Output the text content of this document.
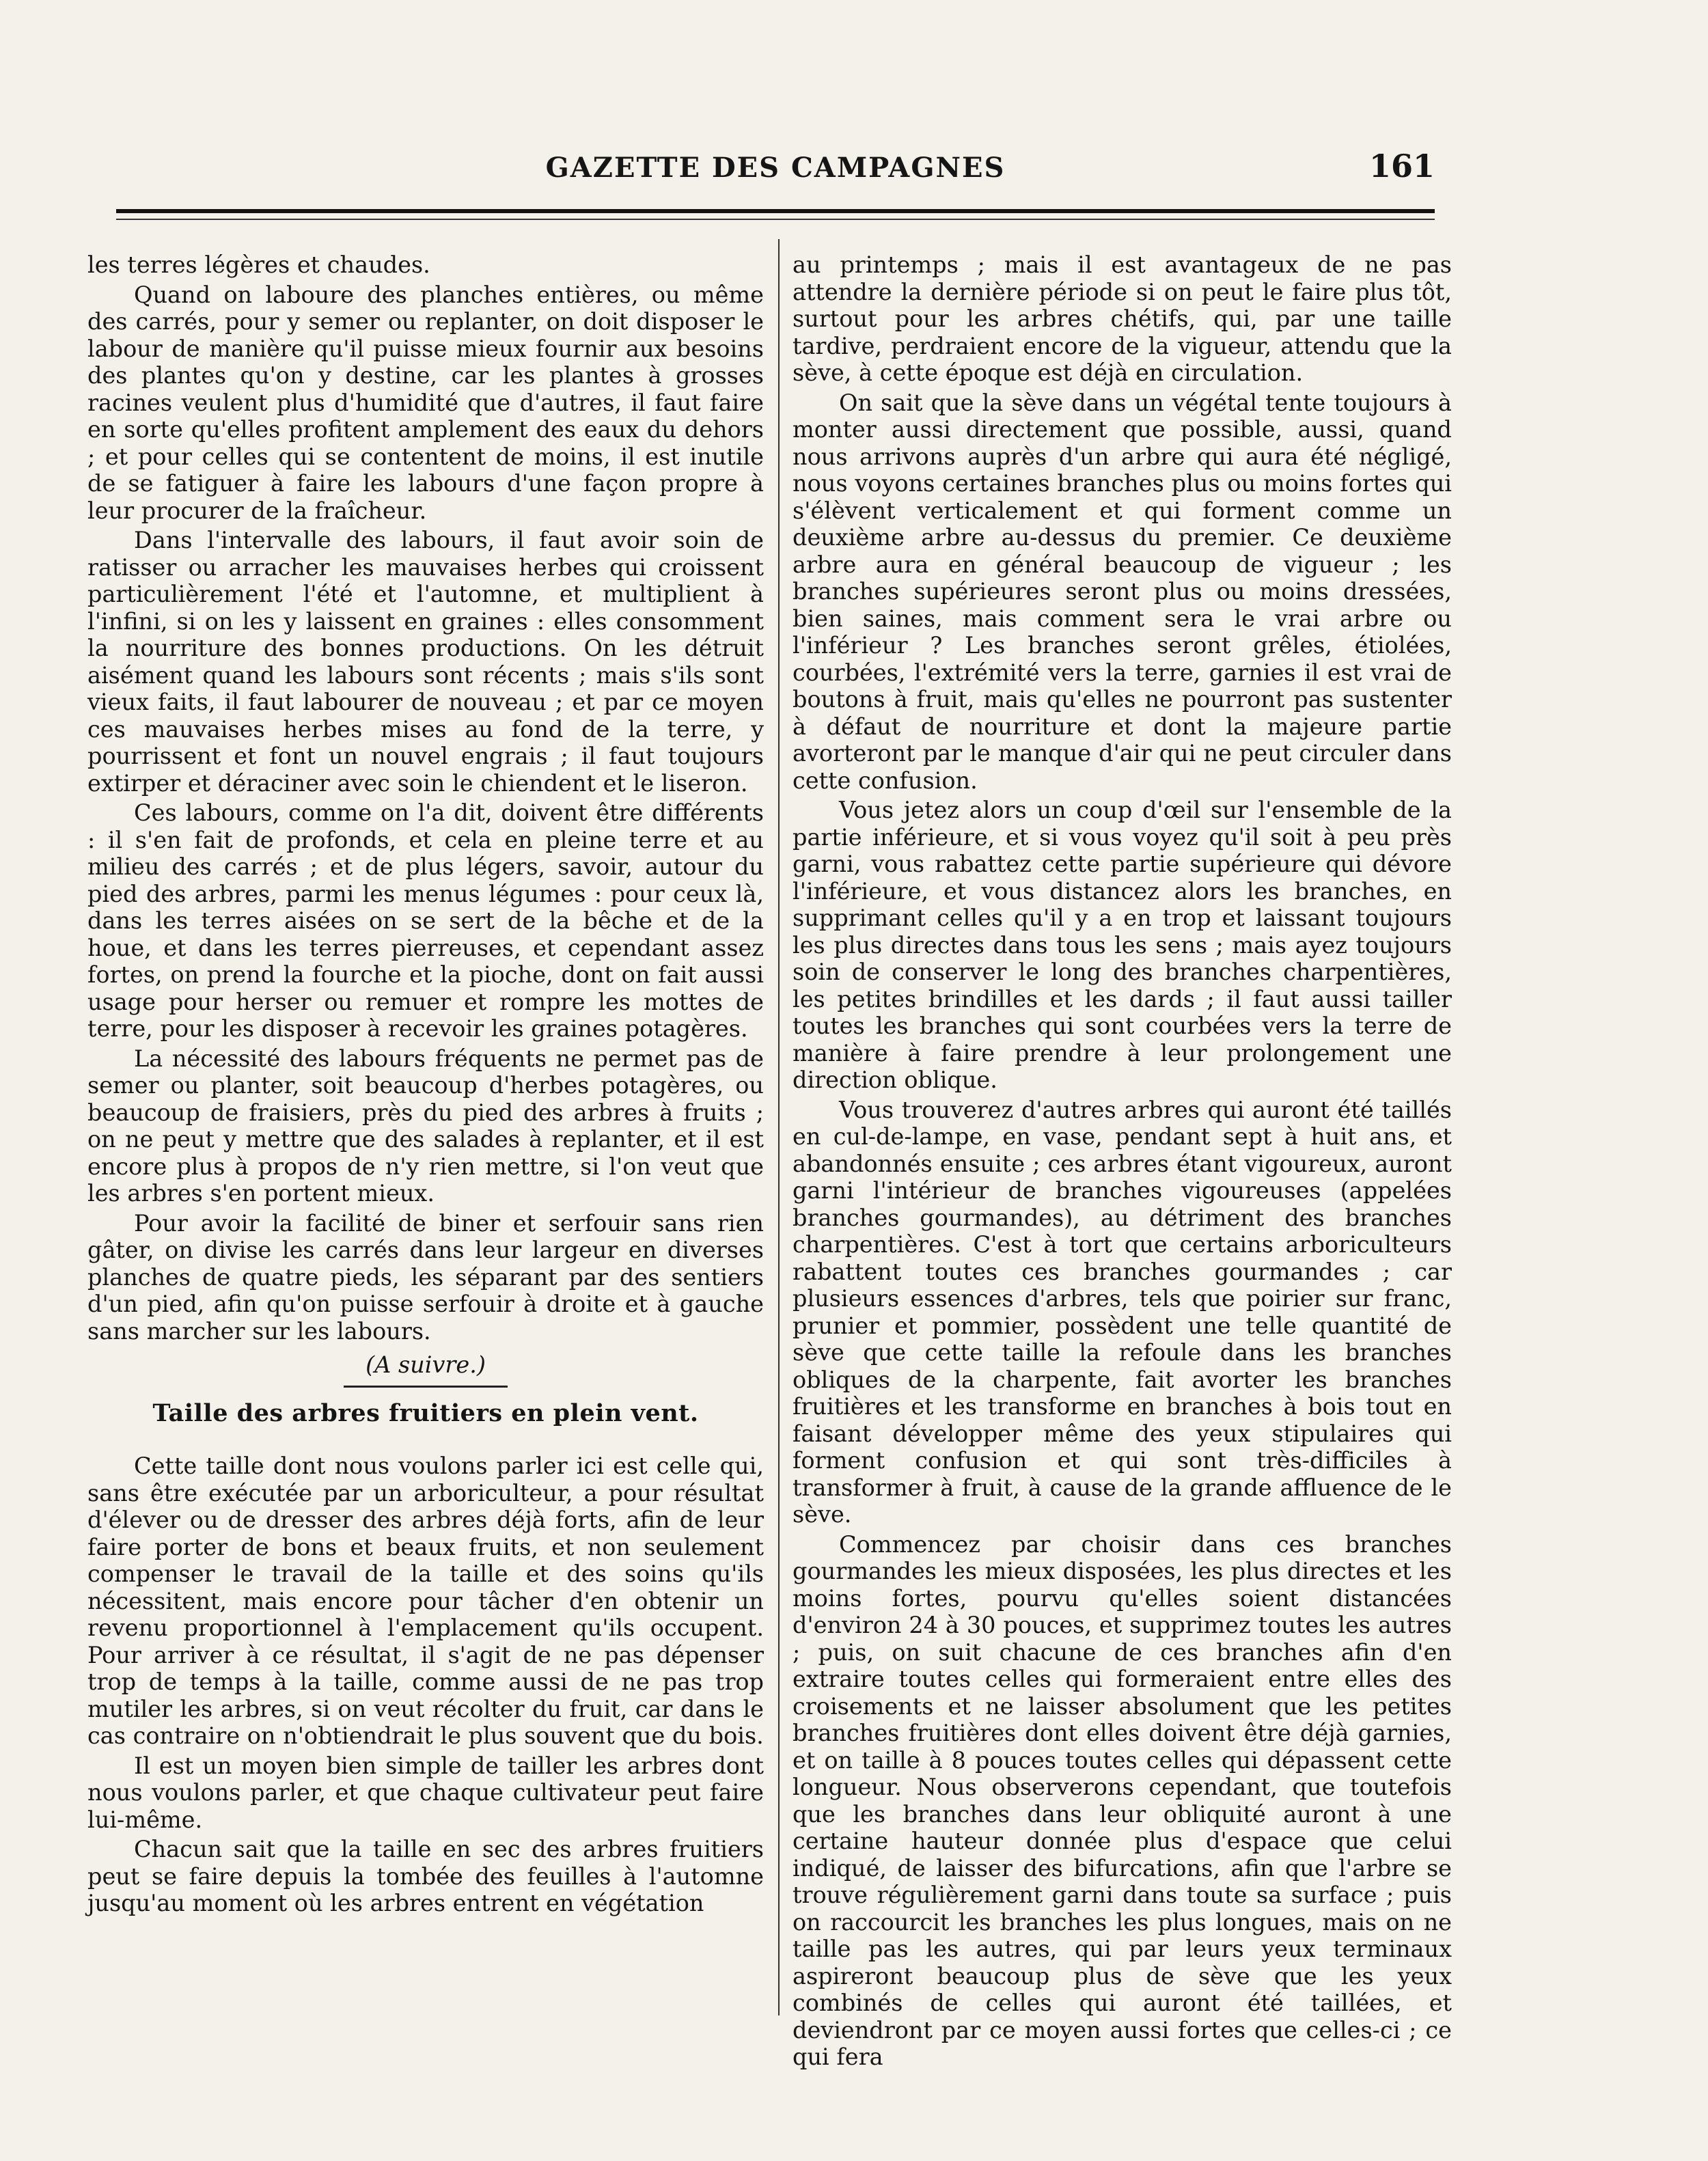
GAZETTE DES CAMPAGNES	161

les terres légères et chaudes.

Quand on laboure des planches entières, ou même des carrés, pour y semer ou replanter, on doit disposer le labour de manière qu'il puisse mieux fournir aux besoins des plantes qu'on y destine, car les plantes à grosses racines veulent plus d'humidité que d'autres, il faut faire en sorte qu'elles profitent amplement des eaux du dehors ; et pour celles qui se contentent de moins, il est inutile de se fatiguer à faire les labours d'une façon propre à leur procurer de la fraîcheur.

Dans l'intervalle des labours, il faut avoir soin de ratisser ou arracher les mauvaises herbes qui croissent particulièrement l'été et l'automne, et multiplient à l'infini, si on les y laissent en graines : elles consomment la nourriture des bonnes productions. On les détruit aisément quand les labours sont récents ; mais s'ils sont vieux faits, il faut labourer de nouveau ; et par ce moyen ces mauvaises herbes mises au fond de la terre, y pourrissent et font un nouvel engrais ; il faut toujours extirper et déraciner avec soin le chiendent et le liseron.

Ces labours, comme on l'a dit, doivent être différents : il s'en fait de profonds, et cela en pleine terre et au milieu des carrés ; et de plus légers, savoir, autour du pied des arbres, parmi les menus légumes : pour ceux là, dans les terres aisées on se sert de la bêche et de la houe, et dans les terres pierreuses, et cependant assez fortes, on prend la fourche et la pioche, dont on fait aussi usage pour herser ou remuer et rompre les mottes de terre, pour les disposer à recevoir les graines potagères.

La nécessité des labours fréquents ne permet pas de semer ou planter, soit beaucoup d'herbes potagères, ou beaucoup de fraisiers, près du pied des arbres à fruits ; on ne peut y mettre que des salades à replanter, et il est encore plus à propos de n'y rien mettre, si l'on veut que les arbres s'en portent mieux.

Pour avoir la facilité de biner et serfouir sans rien gâter, on divise les carrés dans leur largeur en diverses planches de quatre pieds, les séparant par des sentiers d'un pied, afin qu'on puisse serfouir à droite et à gauche sans marcher sur les labours.

(A suivre.)
Taille des arbres fruitiers en plein vent.

Cette taille dont nous voulons parler ici est celle qui, sans être exécutée par un arboriculteur, a pour résultat d'élever ou de dresser des arbres déjà forts, afin de leur faire porter de bons et beaux fruits, et non seulement compenser le travail de la taille et des soins qu'ils nécessitent, mais encore pour tâcher d'en obtenir un revenu proportionnel à l'emplacement qu'ils occupent. Pour arriver à ce résultat, il s'agit de ne pas dépenser trop de temps à la taille, comme aussi de ne pas trop mutiler les arbres, si on veut récolter du fruit, car dans le cas contraire on n'obtiendrait le plus souvent que du bois.

Il est un moyen bien simple de tailler les arbres dont nous voulons parler, et que chaque cultivateur peut faire lui-même.

Chacun sait que la taille en sec des arbres fruitiers peut se faire depuis la tombée des feuilles à l'automne jusqu'au moment où les arbres entrent en végétation

au printemps ; mais il est avantageux de ne pas attendre la dernière période si on peut le faire plus tôt, surtout pour les arbres chétifs, qui, par une taille tardive, perdraient encore de la vigueur, attendu que la sève, à cette époque est déjà en circulation.

On sait que la sève dans un végétal tente toujours à monter aussi directement que possible, aussi, quand nous arrivons auprès d'un arbre qui aura été négligé, nous voyons certaines branches plus ou moins fortes qui s'élèvent verticalement et qui forment comme un deuxième arbre au-dessus du premier. Ce deuxième arbre aura en général beaucoup de vigueur ; les branches supérieures seront plus ou moins dressées, bien saines, mais comment sera le vrai arbre ou l'inférieur ? Les branches seront grêles, étiolées, courbées, l'extrémité vers la terre, garnies il est vrai de boutons à fruit, mais qu'elles ne pourront pas sustenter à défaut de nourriture et dont la majeure partie avorteront par le manque d'air qui ne peut circuler dans cette confusion.

Vous jetez alors un coup d'œil sur l'ensemble de la partie inférieure, et si vous voyez qu'il soit à peu près garni, vous rabattez cette partie supérieure qui dévore l'inférieure, et vous distancez alors les branches, en supprimant celles qu'il y a en trop et laissant toujours les plus directes dans tous les sens ; mais ayez toujours soin de conserver le long des branches charpentières, les petites brindilles et les dards ; il faut aussi tailler toutes les branches qui sont courbées vers la terre de manière à faire prendre à leur prolongement une direction oblique.

Vous trouverez d'autres arbres qui auront été taillés en cul-de-lampe, en vase, pendant sept à huit ans, et abandonnés ensuite ; ces arbres étant vigoureux, auront garni l'intérieur de branches vigoureuses (appelées branches gourmandes), au détriment des branches charpentières. C'est à tort que certains arboriculteurs rabattent toutes ces branches gourmandes ; car plusieurs essences d'arbres, tels que poirier sur franc, prunier et pommier, possèdent une telle quantité de sève que cette taille la refoule dans les branches obliques de la charpente, fait avorter les branches fruitières et les transforme en branches à bois tout en faisant développer même des yeux stipulaires qui forment confusion et qui sont très-difficiles à transformer à fruit, à cause de la grande affluence de le sève.

Commencez par choisir dans ces branches gourmandes les mieux disposées, les plus directes et les moins fortes, pourvu qu'elles soient distancées d'environ 24 à 30 pouces, et supprimez toutes les autres ; puis, on suit chacune de ces branches afin d'en extraire toutes celles qui formeraient entre elles des croisements et ne laisser absolument que les petites branches fruitières dont elles doivent être déjà garnies, et on taille à 8 pouces toutes celles qui dépassent cette longueur. Nous observerons cependant, que toutefois que les branches dans leur obliquité auront à une certaine hauteur donnée plus d'espace que celui indiqué, de laisser des bifurcations, afin que l'arbre se trouve régulièrement garni dans toute sa surface ; puis on raccourcit les branches les plus longues, mais on ne taille pas les autres, qui par leurs yeux terminaux aspireront beaucoup plus de sève que les yeux combinés de celles qui auront été taillées, et deviendront par ce moyen aussi fortes que celles-ci ; ce qui fera
